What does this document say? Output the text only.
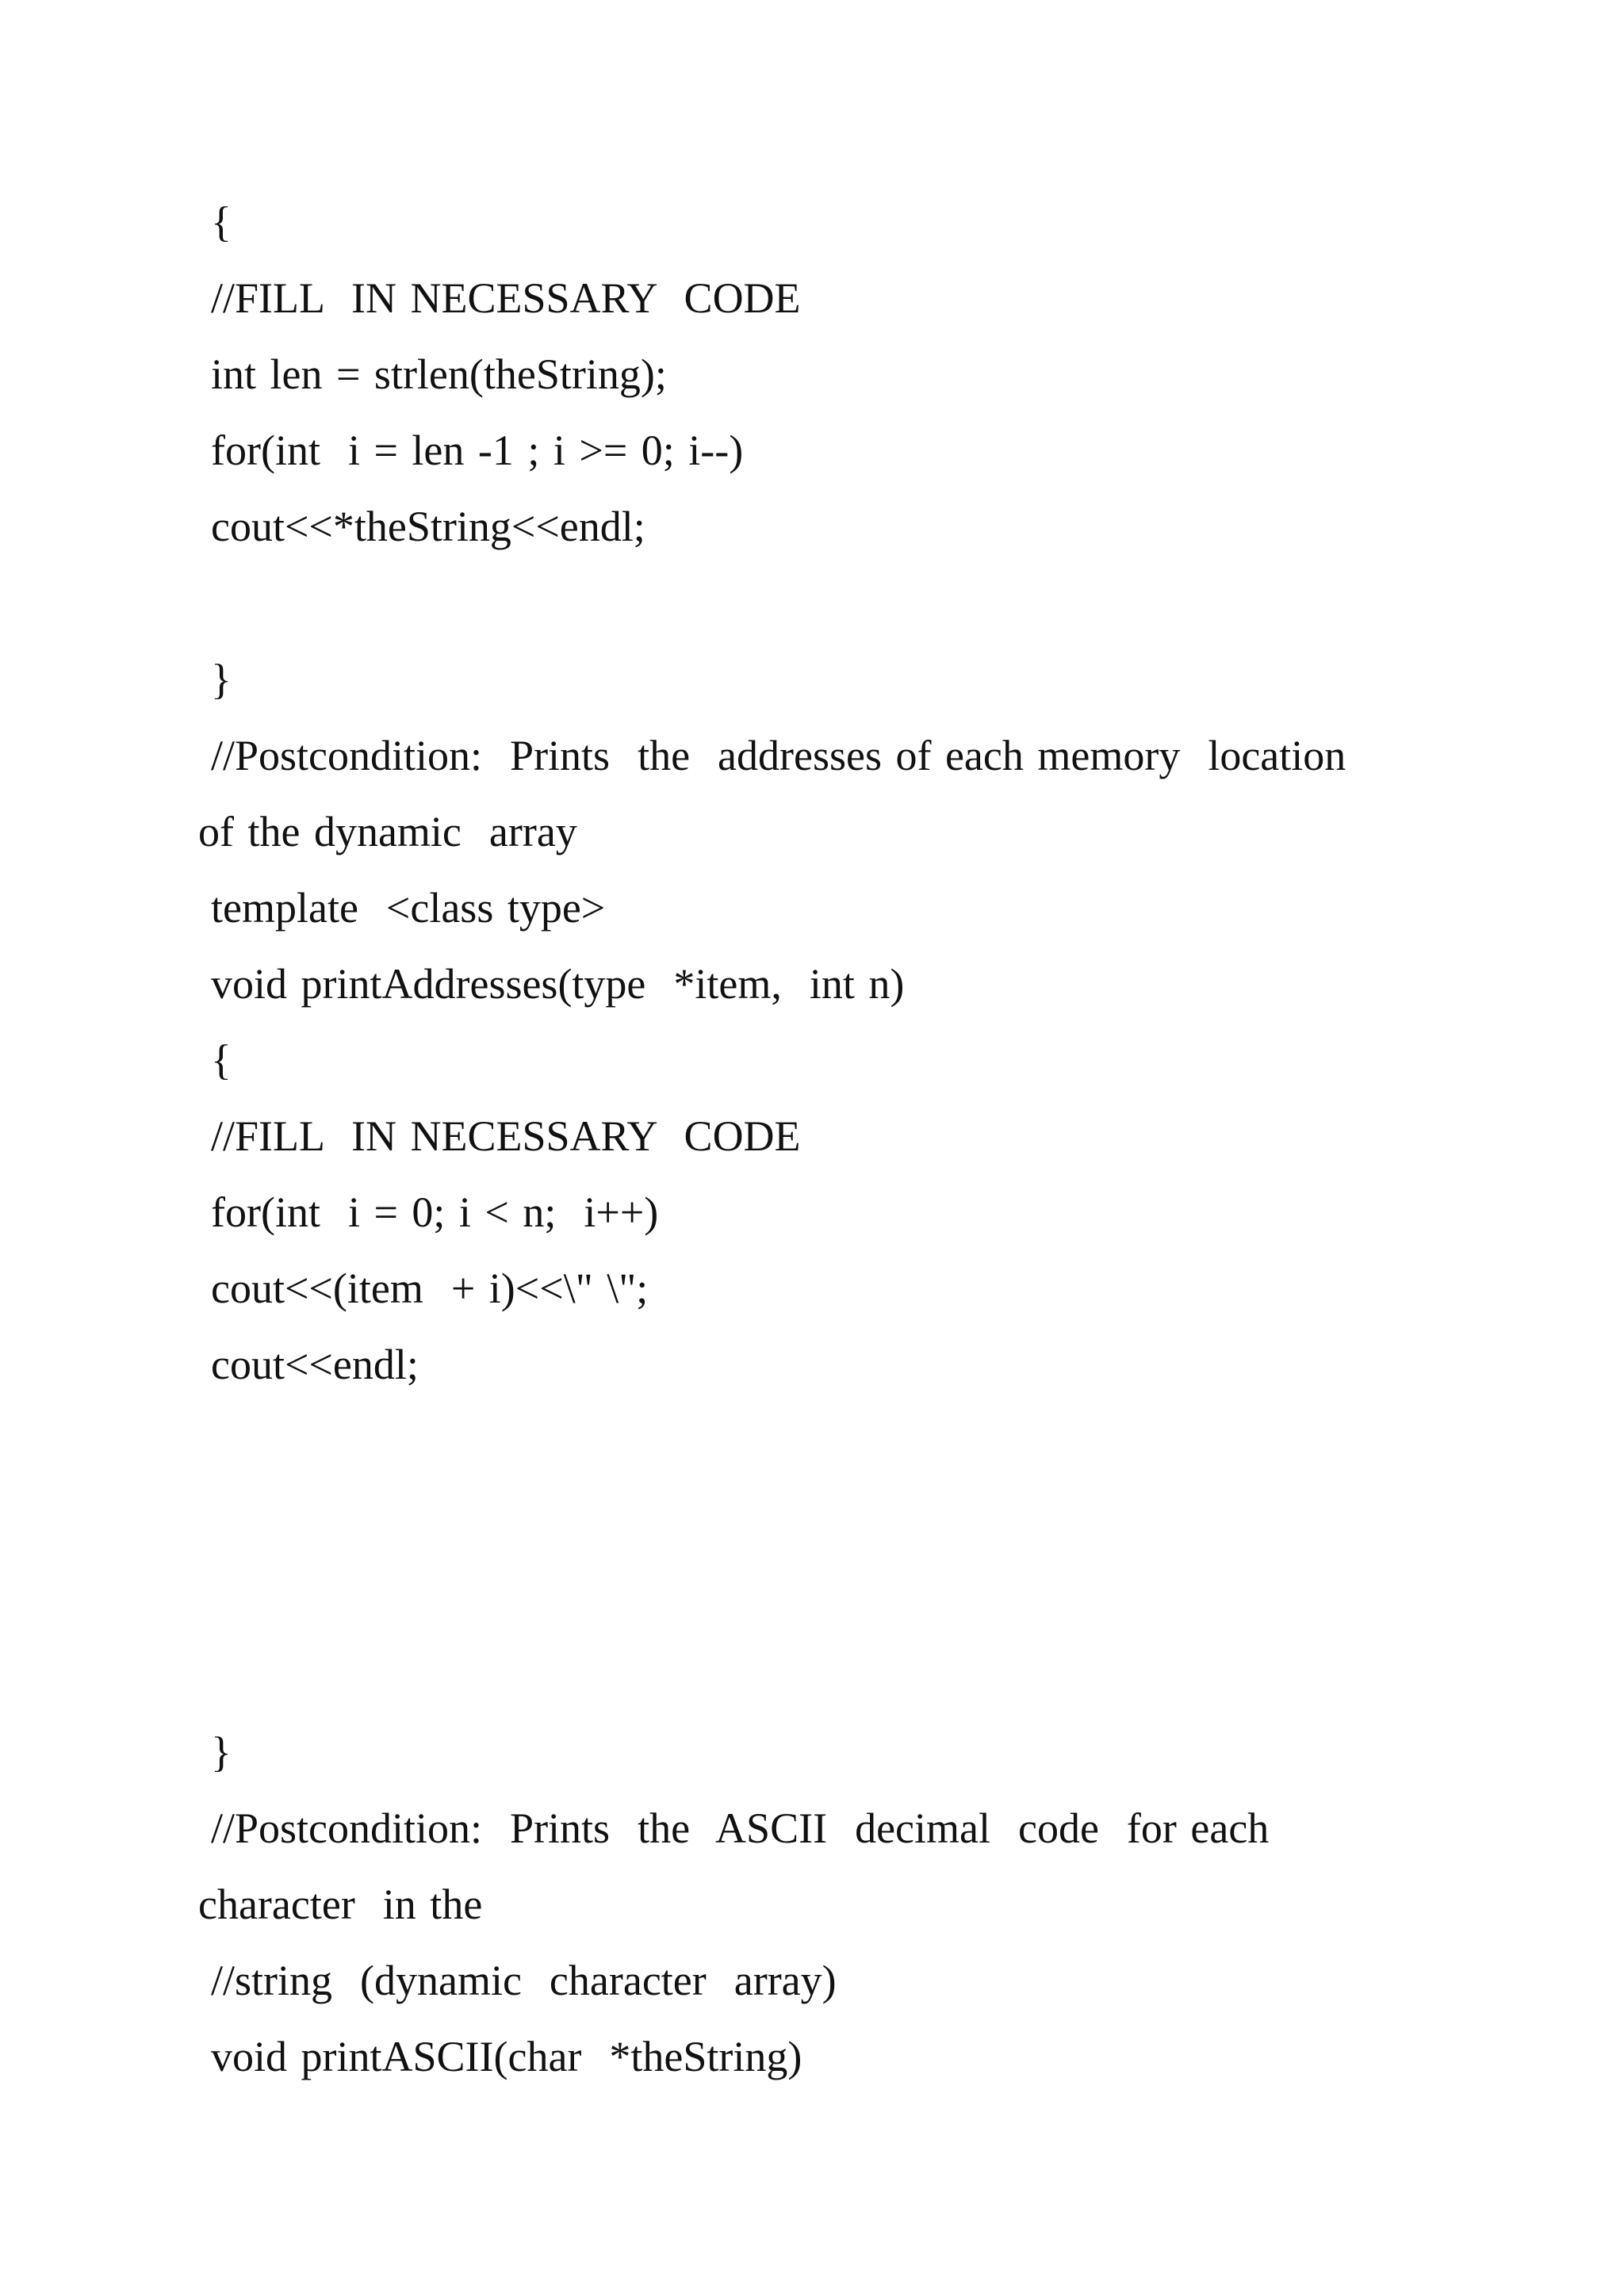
{
//FILL  IN NECESSARY  CODE
int len = strlen(theString);
for(int  i = len -1 ; i >= 0; i--)
cout<<*theString<<endl;
}
//Postcondition:  Prints  the  addresses of each memory  location
of the dynamic  array
template  <class type>
void printAddresses(type  *item,  int n)
{
//FILL  IN NECESSARY  CODE
for(int  i = 0; i < n;  i++)
cout<<(item  + i)<<\" \";
cout<<endl;
}
//Postcondition:  Prints  the  ASCII  decimal  code  for each
character  in the
//string  (dynamic  character  array)
void printASCII(char  *theString)
